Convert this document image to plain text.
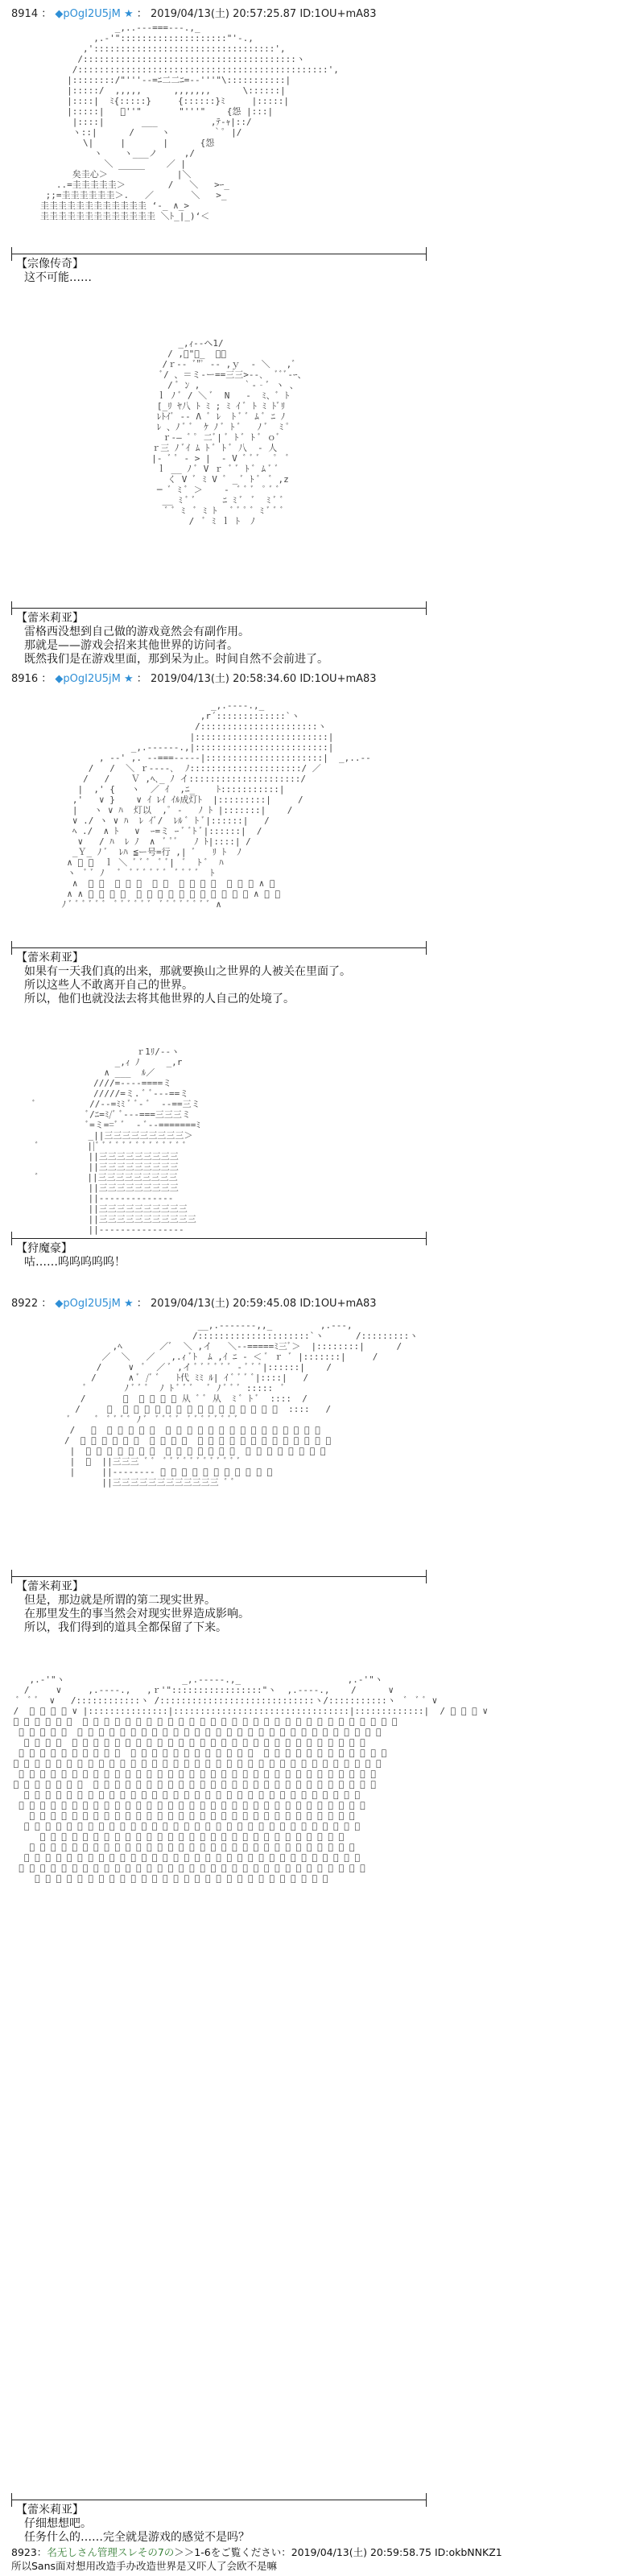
8914 ： ◆pOgI2U5jM ★ ： 2019/04/13(土) 20:57:25.87 ID:1OU+mA83
_,..-‐‐===‐‐-.,_
,.-'"::::::::::::::::::::"'-.,
,'::::::::::::::::::::::::::::::::::',
/::::::::::::::::::::::::::::::::::::::::ヽ
/:::::::::::::::::::::::::::::::::::::::::::::::',
|::::::::/"'''‐-=ﾆ二二ﾆ=-‐'''"\:::::::::::|
|:::::/  ,,,,,      ,,,,,,,      \::::::|
|::::|  ﾐ{:::::}     {::::::}ﾐ     |:::::|
|:::::|   ﾞ''"       "'''"    {怨 |:::|
|::::|       ___          ,ﾃ-ｬ|::/
ヽ::|      /     ヽ        ｀ﾟ |/
\|     |       |      {怨
ヽ    ヽ___ノ     ,/
＼          ／ |
矣圭心＞  ￣￣￣      |＼
..=圭圭圭圭圭＞        /   ＼   >ｰ_
;;=圭圭圭圭圭圭＞.   ／       ＼   >_
圭圭圭圭圭圭圭圭圭圭圭圭 ‘‐_ ∧_>
圭圭圭圭圭圭圭圭圭圭圭圭圭 ＼ﾄ_|_)‘＜

【宗像传奇】
这不可能……
_,ｨ--ヘ1/
/ ,ﾞ"ｰ_  、＿
/ｒ-‐ ﾞ"ﾟ ‐‐ ,ｙ  ‐ ＼   ,ﾞ
ﾞ/ 、＝ミ‐ー==三三>‐‐､  ﾞﾞﾞ‐ｰ、
/ ﾞ ﾝ ,        ｀-‐ﾞ ヽ 、
ｌ ﾉ ﾞ / ＼ ﾞ  N   ‐  ﾐ、ﾞ ﾄ
[_ﾘ ﾔ八 ﾄ ﾐ ; ﾐ ｲ ﾞ ﾄ ﾐ ﾄﾞﾘ
ﾚﾄｲﾞ ‐- Λ ﾞ ﾚ  ﾄ ﾞ ﾞ ﾑ ﾞ ﾆ ﾉ
ﾚ 、ﾉ ﾞ ﾞ  ｹ ﾉ ﾞ ﾄ ﾞ   ﾉ ﾞ  ﾐ ﾟ
ｒ‐― ﾞ ﾟ 二ﾞ| ﾞ ﾄ ﾞ ﾄ ﾞ ｏﾞ
ｒ三 ﾉ ﾞｲ ﾑ ﾄ ﾞ ﾄ ﾞ 八  ‐ 人
|‐ ﾞ ﾟ ‐ > |  ‐ V ﾞ ﾞ ﾞ   ﾟ  ﾞ
ｌ __ ﾉ ﾞ V ｒ ﾞ ﾞ ﾄ ﾞ ﾑ ﾞ ﾞ
く V ﾞ ﾐ V ﾞ _ ﾞ ﾄ ﾞ  ﾞ ,z
─ ﾞ ﾐ ﾞ ＞    ‐  ﾞ ﾞ ﾞ  ﾟ ﾞ ﾞ
__ ﾐ ﾞ ﾞ     ﾆ ﾐ ﾞ  ﾞ  ﾐ ﾞ ﾞ
ﾞ ﾞ ﾐ  ﾞ ﾐ ﾄ   ﾞ ﾞ ﾟ ﾞ ﾐ ﾞ ﾞ ﾞ
/  ﾞ ﾐ ｌ ﾄ  ﾉ

【蕾米莉亚】
雷格西没想到自己做的游戏竟然会有副作用。
那就是——游戏会招来其他世界的访问者。
既然我们是在游戏里面，那到呆为止。时间自然不会前进了。
8916 ： ◆pOgI2U5jM ★ ： 2019/04/13(土) 20:58:34.60 ID:1OU+mA83
_,.-‐‐-.,_
,r´:::::::::::::`ヽ
/::::::::::::::::::::::ヽ
|:::::::::::::::::::::::::|
_,.-‐‐‐‐-.,|:::::::::::::::::::::::::|
, -‐' ,. -‐===‐‐‐--|::::::::::::::::::::::|  _,..-‐
/   /  ＼ ｒ-‐‐-､  ﾉ:::::::::::::::::::::/ ／
/   /    Ｖ ,ﾍ､_ ﾉ イ:::::::::::::::::::::/
|  ,' {   ヽ  ／ ｲ  ,ﾆ_    ﾄ:::::::::::|
,'   ∨ }    ∨ ｲ ﾚｲ ｲﾙ成灯ﾄ  |:::::::::|     /
|   ヽ ∨ ﾊ  灯以  ,ﾟ ‐   ﾉ ﾄ |:::::::|    /
∨ ./ ヽ ∨ ﾊ  ﾚ ｲﾞ/  ﾚﾙ ﾞ ﾄ ﾞ|::::::|   /
ﾍ ./  ∧ ﾄ   ∨  ｰ=ミ ｰ ﾞ ﾞﾄ ﾞ|::::::|  /
∨   / ﾊ  ﾚ ﾉ  ∧  ﾞ ﾟﾞ   ﾉ ﾄ|::::| /
_Ｙ_ ﾉ ﾞ  ﾚﾊ ≦ー号=行 ,| ﾞ   ﾘ ﾄ  ﾉ
∧ ﾞ ﾞ  ｌ ＼ ﾞ ﾞ ﾞ  ﾞ ﾞ|  ﾞ  ﾄ ﾞ  ﾊ
ヽ  ﾞ ﾞ ﾉ   ﾞ  ﾞ ﾞ ﾞ ﾞ ﾞ ﾞ  ﾞ ﾞ ﾞ ﾞ  ﾄ
∧  ﾞ ﾞ  ﾞ ﾞ ﾞ  ﾞ ﾞ  ﾞ ﾞ ﾞ ﾞ  ﾞ ﾞ ﾞ ∧ ﾞ
∧ ∧ ﾞ ﾞ ﾞ ﾞ  ﾞ ﾞ ﾞ ﾞ ﾞ ﾞ ﾞ ﾞ ﾞ ﾞ ﾞ ∧ ﾞ ﾞ
ﾉ ﾞ ﾞ ﾞ ﾞ ﾞ ﾞ  ﾞ ﾞ ﾞ ﾞ ﾞ ﾞ  ﾞ ﾞ ﾞ ﾞ ﾞ ﾞ ﾞ ﾞ ∧

【蕾米莉亚】
如果有一天我们真的出来，那就要换山之世界的人被关在里面了。
所以这些人不敢离开自己的世界。
所以，他们也就没法去将其他世界的人自己的处境了。
ｒ1ﾘ/‐‐ヽ
_,ｨ ﾉ     _,r
∧ ___  ﾙ／
////=-‐‐‐====ミ
/////=ミ. ﾞ ﾞ‐--==ミ
ﾞ          //‐-=ﾐﾐ ﾞ ﾞ- ﾞ  -‐==三ミ
ﾞ/ﾆ=ﾐ/ﾞ ﾞ‐-‐===三三三ミ
ﾞ=ミ==ﾞ ﾞ  ‐ ﾞ-‐=======ﾐ
_||三三三三三三三三三＞
ﾞ         ||ﾞ ﾞ ﾞ ﾞ ﾞ ﾞ ﾞ ﾞ ﾞ ﾞ ﾞ ﾞ ﾞ ﾞ
||三三三三三三三三三
||三三三三三三三三三
ﾞ         ||三三三三三三三三三
||三三三三三三三三三
||‐‐‐‐‐‐‐‐‐‐‐‐‐‐
||三三三三三三三三三三
||三三三三三三三三三三三
||‐‐‐‐‐‐‐‐‐‐‐‐‐‐‐‐

【狩魔豪】
咕……呜呜呜呜呜！
8922 ： ◆pOgI2U5jM ★ ： 2019/04/13(土) 20:59:45.08 ID:1OU+mA83
__,.-‐‐‐‐--,,_         ,.-‐‐,
/:::::::::::::::::::::`ヽ      /:::::::::ヽ
,ﾍ       ／ﾞ  ＼ ,イ   ＼‐-=====ﾐ三ﾞ＞  |::::::::|      /
／  ＼   ／   ,.ｨ ﾞﾄ  ﾑ ,ｲ ﾆ ‐ ＜ ﾞ ｒ ﾞ |:::::::|     /
/     ∨  ﾞ  ／ ﾞ ,イ ﾞ ﾞ ﾞ ﾞ ﾞ ﾞ ‐ ﾞ ﾞ ﾞ|::::::|    /
/      ∧ ﾞ /ﾞ ﾞ   ﾄ代 ﾐﾐ ﾙ| ｲ ﾞ ﾞ ﾞ ﾞ|::::|   /
ﾞ       ﾉ ﾞ ﾞ ﾞ  ﾉ ﾄ ﾞ ﾞ ﾞ   ﾞ ﾉ ﾞ ﾞ ﾞ :::::  ﾞ
/       ﾞ  ﾞ ﾞ ﾞ ﾞ 从 ﾞ ﾞ 从  ﾐ ﾞ ﾄ ﾞ  ::::  /
/     ﾞ  ﾞ ﾞ ﾞ ﾞ ﾞ ﾞ ﾞ ﾞ ﾞ ﾞ ﾞ ﾞ ﾞ ﾞ ﾞ  ::::   /
ﾞ     ﾞ  ﾞ ﾞ ﾞ ﾞ ﾉ ﾞ  ﾞ ﾞ ﾞ ﾞ  ﾞ ﾞ ﾞ ﾞ ﾞ ﾞ ﾞ ﾞ
/   ﾞ  ﾞ ﾞ ﾞ ﾞ ﾞ  ﾞ ﾞ ﾞ ﾞ ﾞ ﾞ ﾞ ﾞ ﾞ ﾞ ﾞ ﾞ ﾞ ﾞ ﾞ
/  ﾞ ﾞ ﾞ ﾞ ﾞ ﾞ  ﾞ ﾞ ﾞ ﾞ  ﾞ ﾞ ﾞ ﾞ ﾞ ﾞ ﾞ ﾞ ﾞ ﾞ ﾞ ﾞ ﾞ
|  ﾞ ﾞ ﾞ ﾞ ﾞ ﾞ ﾞ  ﾞ ﾞ ﾞ ﾞ ﾞ ﾞ ﾞ  ﾞ ﾞ ﾞ ﾞ ﾞ ﾞ ﾞ ﾞ
|  ﾞ  ||三三三 ﾞ ﾞ  ﾞ ﾞ ﾞ ﾞ ﾞ ﾞ ﾞ ﾞ ﾞ ﾞ ﾞ ﾞ
|     ||‐‐‐‐‐‐‐‐ ﾞ ﾞ ﾞ ﾞ ﾞ ﾞ ﾞ ﾞ ﾞ ﾞ ﾞ
||三三三三三三三三三三三三 ﾞ ﾞ

【蕾米莉亚】
但是，那边就是所谓的第二现实世界。
在那里发生的事当然会对现实世界造成影响。
所以，我们得到的道具全都保留了下来。
,.-'"ヽ                      _,.-‐‐‐-.,_                    ,.-'"ヽ
/     ∨     ,.-‐‐-.,   ,ｒ'":::::::::::::::::"ヽ  ,.-‐‐-.,    /      ∨
ﾞ  ﾞ ﾞ  ∨   /::::::::::::ヽ /:::::::::::::::::::::::::::::ヽ/:::::::::::ヽ  ﾞ  ﾞ ﾞ ∨
/  ﾞ ﾞ ﾞ ﾞ ∨ |:::::::::::::::|:::::::::::::::::::::::::::::::::|:::::::::::::|  / ﾞ ﾞ ﾞ ∨
ﾞ ﾞ ﾞ ﾞ ﾞ ﾞ  ﾞ ﾞ ﾞ ﾞ ﾞ ﾞ ﾞ ﾞ ﾞ ﾞ ﾞ ﾞ ﾞ ﾞ ﾞ ﾞ ﾞ ﾞ ﾞ ﾞ ﾞ ﾞ ﾞ ﾞ ﾞ ﾞ ﾞ ﾞ ﾞ ﾞ
ﾞ ﾞ ﾞ ﾞ ﾞ  ﾞ ﾞ ﾞ ﾞ ﾞ ﾞ ﾞ ﾞ ﾞ ﾞ ﾞ ﾞ ﾞ ﾞ ﾞ ﾞ ﾞ ﾞ ﾞ ﾞ ﾞ ﾞ ﾞ ﾞ ﾞ ﾞ ﾞ ﾞ ﾞ
ﾞ ﾞ ﾞ ﾞ  ﾞ ﾞ ﾞ ﾞ ﾞ ﾞ ﾞ ﾞ ﾞ ﾞ ﾞ ﾞ ﾞ ﾞ ﾞ ﾞ ﾞ ﾞ ﾞ ﾞ ﾞ ﾞ ﾞ ﾞ ﾞ ﾞ ﾞ ﾞ
ﾞ ﾞ ﾞ ﾞ ﾞ ﾞ ﾞ ﾞ ﾞ ﾞ  ﾞ ﾞ ﾞ ﾞ ﾞ ﾞ ﾞ ﾞ ﾞ ﾞ ﾞ ﾞ  ﾞ ﾞ ﾞ ﾞ ﾞ ﾞ ﾞ ﾞ ﾞ ﾞ ﾞ ﾞ
ﾞ ﾞ ﾞ ﾞ ﾞ ﾞ ﾞ ﾞ ﾞ ﾞ ﾞ ﾞ ﾞ ﾞ ﾞ ﾞ ﾞ ﾞ ﾞ ﾞ ﾞ ﾞ ﾞ ﾞ ﾞ ﾞ ﾞ ﾞ ﾞ ﾞ ﾞ ﾞ ﾞ ﾞ ﾞ
ﾞ ﾞ ﾞ ﾞ ﾞ ﾞ ﾞ ﾞ ﾞ ﾞ ﾞ ﾞ ﾞ ﾞ ﾞ ﾞ ﾞ ﾞ ﾞ ﾞ ﾞ ﾞ ﾞ ﾞ ﾞ ﾞ ﾞ ﾞ ﾞ ﾞ ﾞ ﾞ ﾞ ﾞ
ﾞ ﾞ ﾞ ﾞ ﾞ ﾞ ﾞ  ﾞ ﾞ ﾞ ﾞ ﾞ ﾞ ﾞ ﾞ ﾞ ﾞ ﾞ ﾞ ﾞ ﾞ ﾞ ﾞ ﾞ ﾞ ﾞ ﾞ ﾞ ﾞ ﾞ ﾞ ﾞ ﾞ ﾞ
ﾞ ﾞ ﾞ ﾞ ﾞ ﾞ ﾞ ﾞ ﾞ ﾞ ﾞ ﾞ ﾞ ﾞ ﾞ ﾞ ﾞ ﾞ ﾞ ﾞ ﾞ ﾞ ﾞ ﾞ ﾞ ﾞ ﾞ ﾞ ﾞ ﾞ ﾞ ﾞ
ﾞ ﾞ ﾞ ﾞ ﾞ ﾞ ﾞ ﾞ ﾞ ﾞ ﾞ ﾞ ﾞ ﾞ ﾞ ﾞ ﾞ ﾞ ﾞ ﾞ ﾞ ﾞ ﾞ ﾞ ﾞ ﾞ ﾞ ﾞ ﾞ ﾞ ﾞ ﾞ ﾞ
ﾞ ﾞ ﾞ ﾞ ﾞ ﾞ ﾞ ﾞ ﾞ ﾞ ﾞ ﾞ ﾞ ﾞ ﾞ ﾞ ﾞ ﾞ ﾞ ﾞ ﾞ ﾞ ﾞ ﾞ ﾞ ﾞ ﾞ ﾞ ﾞ ﾞ ﾞ
ﾞ ﾞ ﾞ ﾞ ﾞ ﾞ ﾞ ﾞ ﾞ ﾞ ﾞ ﾞ ﾞ ﾞ ﾞ ﾞ ﾞ ﾞ ﾞ ﾞ ﾞ ﾞ ﾞ ﾞ ﾞ ﾞ ﾞ ﾞ ﾞ ﾞ ﾞ ﾞ
ﾞ ﾞ ﾞ ﾞ ﾞ ﾞ ﾞ ﾞ ﾞ ﾞ ﾞ ﾞ ﾞ ﾞ ﾞ ﾞ ﾞ ﾞ ﾞ ﾞ ﾞ ﾞ ﾞ ﾞ ﾞ ﾞ ﾞ ﾞ ﾞ
ﾞ ﾞ ﾞ ﾞ ﾞ ﾞ ﾞ ﾞ ﾞ ﾞ ﾞ ﾞ ﾞ ﾞ ﾞ ﾞ ﾞ ﾞ ﾞ ﾞ ﾞ ﾞ ﾞ ﾞ ﾞ ﾞ ﾞ ﾞ ﾞ ﾞ ﾞ
ﾞ ﾞ ﾞ ﾞ ﾞ ﾞ ﾞ ﾞ ﾞ ﾞ ﾞ ﾞ ﾞ ﾞ ﾞ ﾞ ﾞ ﾞ ﾞ ﾞ ﾞ ﾞ ﾞ ﾞ ﾞ ﾞ ﾞ ﾞ ﾞ ﾞ ﾞ ﾞ
ﾞ ﾞ ﾞ ﾞ ﾞ ﾞ ﾞ ﾞ ﾞ ﾞ ﾞ ﾞ ﾞ ﾞ ﾞ ﾞ ﾞ ﾞ ﾞ ﾞ ﾞ ﾞ ﾞ ﾞ ﾞ ﾞ ﾞ ﾞ ﾞ ﾞ ﾞ ﾞ ﾞ
ﾞ ﾞ ﾞ ﾞ ﾞ ﾞ ﾞ ﾞ ﾞ ﾞ ﾞ ﾞ ﾞ ﾞ ﾞ ﾞ ﾞ ﾞ ﾞ ﾞ ﾞ ﾞ ﾞ ﾞ ﾞ ﾞ ﾞ ﾞ

【蕾米莉亚】
仔细想想吧。
任务什么的……完全就是游戏的感觉不是吗？
8923：名无しさん管理スレその7の＞＞1-6をご覧ください：2019/04/13(土) 20:59:58.75 ID:okbNNKZ1
所以Sans面对想用改造手办改造世界是又吓人了会欧不是嘛
